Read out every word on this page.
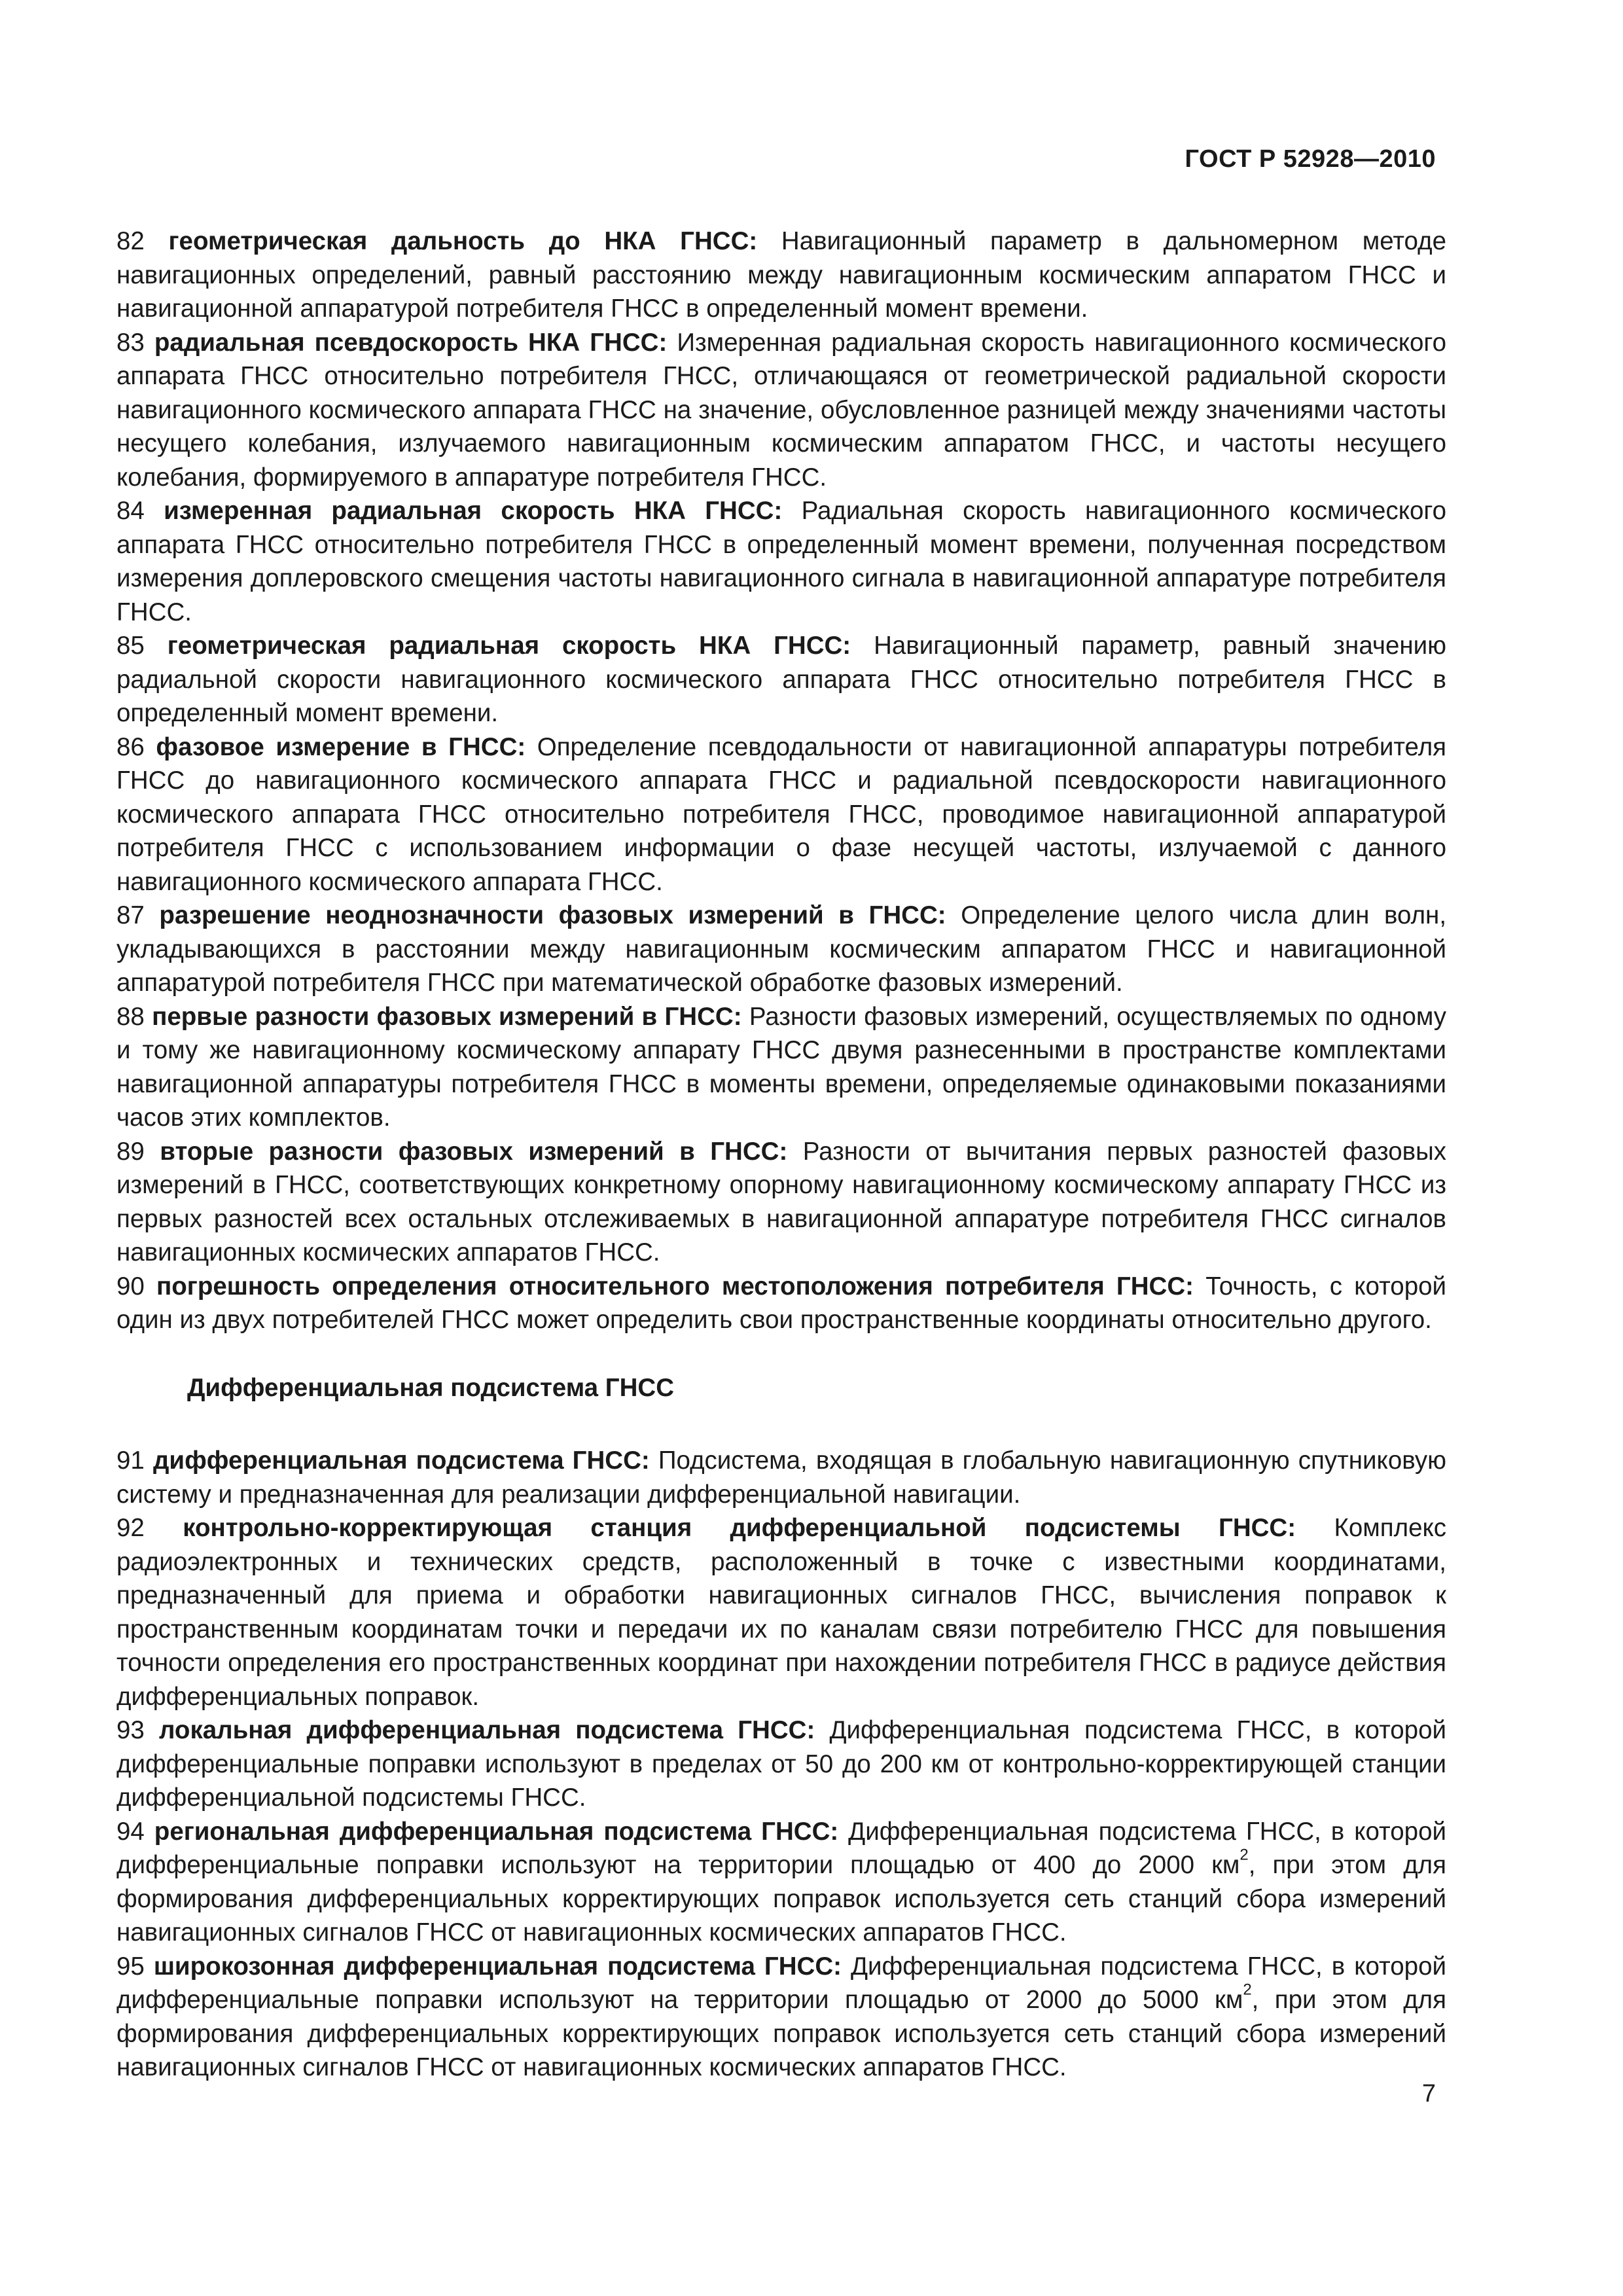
ГОСТ Р 52928—2010

82 геометрическая дальность до НКА ГНСС: Навигационный параметр в дальномерном методе навигационных определений, равный расстоянию между навигационным космическим аппаратом ГНСС и навигационной аппаратурой потребителя ГНСС в определенный момент времени.

83 радиальная псевдоскорость НКА ГНСС: Измеренная радиальная скорость навигационного космического аппарата ГНСС относительно потребителя ГНСС, отличающаяся от геометрической радиальной скорости навигационного космического аппарата ГНСС на значение, обусловленное разницей между значениями частоты несущего колебания, излучаемого навигационным космическим аппаратом ГНСС, и частоты несущего колебания, формируемого в аппаратуре потребителя ГНСС.

84 измеренная радиальная скорость НКА ГНСС: Радиальная скорость навигационного космического аппарата ГНСС относительно потребителя ГНСС в определенный момент времени, полученная посредством измерения доплеровского смещения частоты навигационного сигнала в навигационной аппаратуре потребителя ГНСС.

85 геометрическая радиальная скорость НКА ГНСС: Навигационный параметр, равный значению радиальной скорости навигационного космического аппарата ГНСС относительно потребителя ГНСС в определенный момент времени.

86 фазовое измерение в ГНСС: Определение псевдодальности от навигационной аппаратуры потребителя ГНСС до навигационного космического аппарата ГНСС и радиальной псевдоскорости навигационного космического аппарата ГНСС относительно потребителя ГНСС, проводимое навигационной аппаратурой потребителя ГНСС с использованием информации о фазе несущей частоты, излучаемой с данного навигационного космического аппарата ГНСС.

87 разрешение неоднозначности фазовых измерений в ГНСС: Определение целого числа длин волн, укладывающихся в расстоянии между навигационным космическим аппаратом ГНСС и навигационной аппаратурой потребителя ГНСС при математической обработке фазовых измерений.

88 первые разности фазовых измерений в ГНСС: Разности фазовых измерений, осуществляемых по одному и тому же навигационному космическому аппарату ГНСС двумя разнесенными в пространстве комплектами навигационной аппаратуры потребителя ГНСС в моменты времени, определяемые одинаковыми показаниями часов этих комплектов.

89 вторые разности фазовых измерений в ГНСС: Разности от вычитания первых разностей фазовых измерений в ГНСС, соответствующих конкретному опорному навигационному космическому аппарату ГНСС из первых разностей всех остальных отслеживаемых в навигационной аппаратуре потребителя ГНСС сигналов навигационных космических аппаратов ГНСС.

90 погрешность определения относительного местоположения потребителя ГНСС: Точность, с которой один из двух потребителей ГНСС может определить свои пространственные координаты относительно другого.

Дифференциальная подсистема ГНСС

91 дифференциальная подсистема ГНСС: Подсистема, входящая в глобальную навигационную спутниковую систему и предназначенная для реализации дифференциальной навигации.

92 контрольно-корректирующая станция дифференциальной подсистемы ГНСС: Комплекс радиоэлектронных и технических средств, расположенный в точке с известными координатами, предназначенный для приема и обработки навигационных сигналов ГНСС, вычисления поправок к пространственным координатам точки и передачи их по каналам связи потребителю ГНСС для повышения точности определения его пространственных координат при нахождении потребителя ГНСС в радиусе действия дифференциальных поправок.

93 локальная дифференциальная подсистема ГНСС: Дифференциальная подсистема ГНСС, в которой дифференциальные поправки используют в пределах от 50 до 200 км от контрольно-корректирующей станции дифференциальной подсистемы ГНСС.

94 региональная дифференциальная подсистема ГНСС: Дифференциальная подсистема ГНСС, в которой дифференциальные поправки используют на территории площадью от 400 до 2000 $км^2$, при этом для формирования дифференциальных корректирующих поправок используется сеть станций сбора измерений навигационных сигналов ГНСС от навигационных космических аппаратов ГНСС.

95 широкозонная дифференциальная подсистема ГНСС: Дифференциальная подсистема ГНСС, в которой дифференциальные поправки используют на территории площадью от 2000 до 5000 $км^2$, при этом для формирования дифференциальных корректирующих поправок используется сеть станций сбора измерений навигационных сигналов ГНСС от навигационных космических аппаратов ГНСС.

7
